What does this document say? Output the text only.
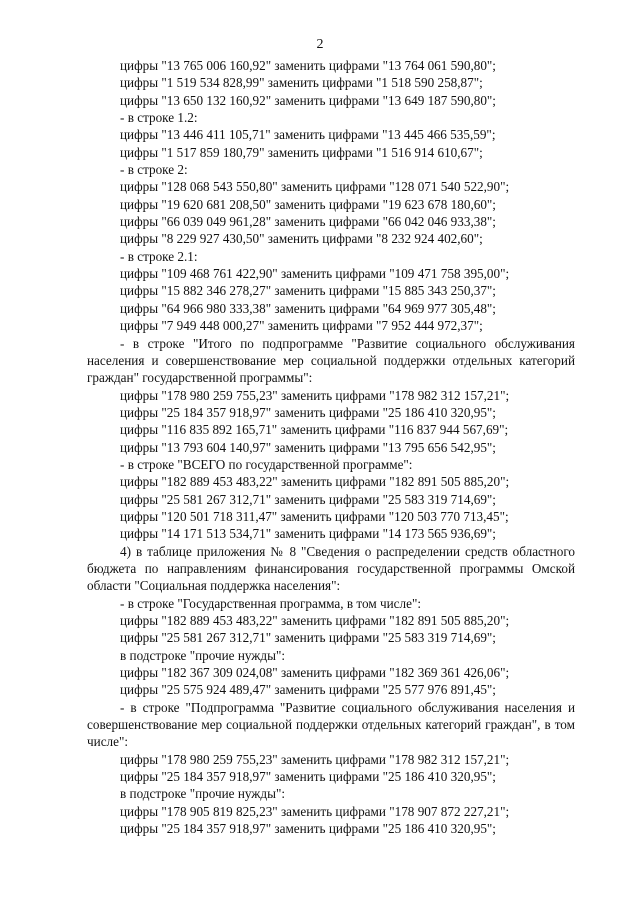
2
цифры "13 765 006 160,92" заменить цифрами "13 764 061 590,80";
цифры "1 519 534 828,99" заменить цифрами "1 518 590 258,87";
цифры "13 650 132 160,92" заменить цифрами "13 649 187 590,80";
- в строке 1.2:
цифры "13 446 411 105,71" заменить цифрами "13 445 466 535,59";
цифры "1 517 859 180,79" заменить цифрами "1 516 914 610,67";
- в строке 2:
цифры "128 068 543 550,80" заменить цифрами "128 071 540 522,90";
цифры "19 620 681 208,50" заменить цифрами "19 623 678 180,60";
цифры "66 039 049 961,28" заменить цифрами "66 042 046 933,38";
цифры "8 229 927 430,50" заменить цифрами "8 232 924 402,60";
- в строке 2.1:
цифры "109 468 761 422,90" заменить цифрами "109 471 758 395,00";
цифры "15 882 346 278,27" заменить цифрами "15 885 343 250,37";
цифры "64 966 980 333,38" заменить цифрами "64 969 977 305,48";
цифры "7 949 448 000,27" заменить цифрами "7 952 444 972,37";
- в строке "Итого по подпрограмме "Развитие социального обслуживания населения и совершенствование мер социальной поддержки отдельных категорий граждан" государственной программы":
цифры "178 980 259 755,23" заменить цифрами "178 982 312 157,21";
цифры "25 184 357 918,97" заменить цифрами "25 186 410 320,95";
цифры "116 835 892 165,71" заменить цифрами "116 837 944 567,69";
цифры "13 793 604 140,97" заменить цифрами "13 795 656 542,95";
- в строке "ВСЕГО по государственной программе":
цифры "182 889 453 483,22" заменить цифрами "182 891 505 885,20";
цифры "25 581 267 312,71" заменить цифрами "25 583 319 714,69";
цифры "120 501 718 311,47" заменить цифрами "120 503 770 713,45";
цифры "14 171 513 534,71" заменить цифрами "14 173 565 936,69";
4) в таблице приложения № 8 "Сведения о распределении средств областного бюджета по направлениям финансирования государственной программы Омской области "Социальная поддержка населения":
- в строке "Государственная программа, в том числе":
цифры "182 889 453 483,22" заменить цифрами "182 891 505 885,20";
цифры "25 581 267 312,71" заменить цифрами "25 583 319 714,69";
в подстроке "прочие нужды":
цифры "182 367 309 024,08" заменить цифрами "182 369 361 426,06";
цифры "25 575 924 489,47" заменить цифрами "25 577 976 891,45";
- в строке "Подпрограмма "Развитие социального обслуживания населения и совершенствование мер социальной поддержки отдельных категорий граждан", в том числе":
цифры "178 980 259 755,23" заменить цифрами "178 982 312 157,21";
цифры "25 184 357 918,97" заменить цифрами "25 186 410 320,95";
в подстроке "прочие нужды":
цифры "178 905 819 825,23" заменить цифрами "178 907 872 227,21";
цифры "25 184 357 918,97" заменить цифрами "25 186 410 320,95";
